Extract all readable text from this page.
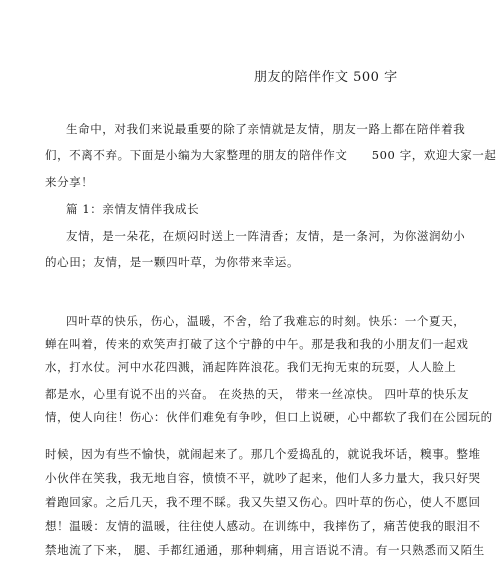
朋友的陪伴作文 500 字
生命中，对我们来说最重要的除了亲情就是友情，朋友一路上都在陪伴着我
们，不离不弃。下面是小编为大家整理的朋友的陪伴作文　　500 字，欢迎大家一起
来分享！
篇 1：亲情友情伴我成长
友情，是一朵花，在烦闷时送上一阵清香；友情，是一条河，为你滋润幼小
的心田；友情，是一颗四叶草，为你带来幸运。
四叶草的快乐，伤心，温暖，不舍，给了我难忘的时刻。快乐：一个夏天，
蝉在叫着，传来的欢笑声打破了这个宁静的中午。那是我和我的小朋友们一起戏
水，打水仗。河中水花四溅，涌起阵阵浪花。我们无拘无束的玩耍，人人脸上
都是水，心里有说不出的兴奋。 在炎热的天， 带来一丝凉快。 四叶草的快乐友
情，使人向往！伤心：伙伴们难免有争吵，但口上说硬，心中都软了我们在公园玩的
时候，因为有些不愉快，就闹起来了。那几个爱捣乱的，就说我坏话，糗事。整堆
小伙伴在笑我，我无地自容，愤愤不平，就吵了起来，他们人多力量大，我只好哭
着跑回家。之后几天，我不理不睬。我又失望又伤心。四叶草的伤心，使人不愿回
想！温暖：友情的温暖，往往使人感动。在训练中，我摔伤了，痛苦使我的眼泪不
禁地流了下来， 腿、手都红通通，那种剌痛，用言语说不清。有一只熟悉而又陌生
